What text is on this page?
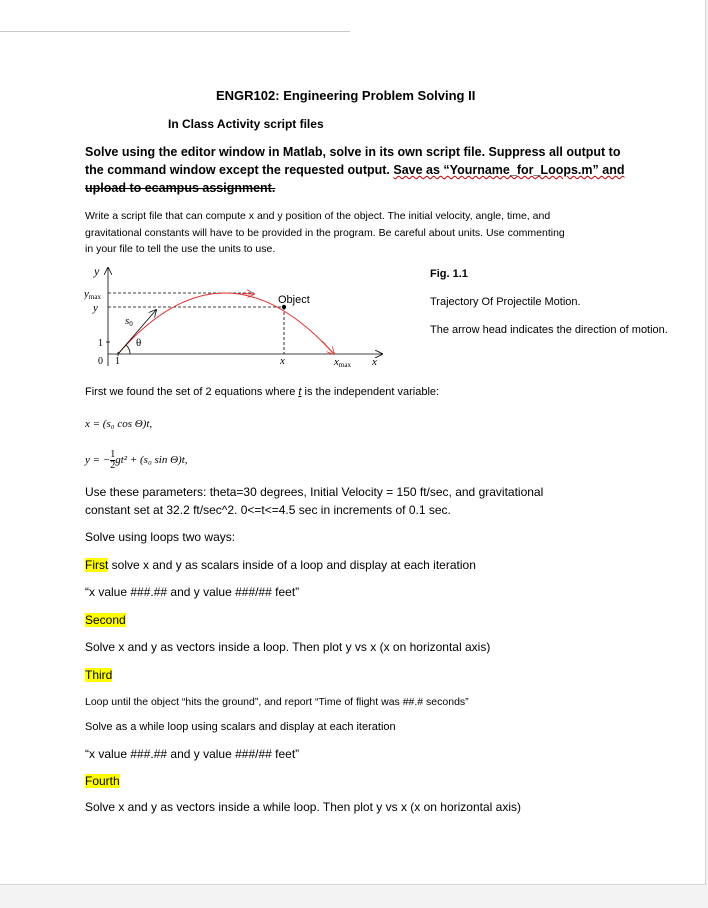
ENGR102: Engineering Problem Solving II
In Class Activity script files
Solve using the editor window in Matlab, solve in its own script file. Suppress all output to
the command window except the requested output. Save as “Yourname_for_Loops.m” and
upload to ecampus assignment.
Write a script file that can compute x and y position of the object. The initial velocity, angle, time, and
gravitational constants will have to be provided in the program. Be careful about units. Use commenting
in your file to tell the use the units to use.
y
ymax
y
s0
θ
Object
1
0 1	x	xmax x
Fig. 1.1
Trajectory Of Projectile Motion.
The arrow head indicates the direction of motion.
First we found the set of 2 equations where t is the independent variable:
x = (s₀ cos Θ)t,
y = − $\frac{1}{2} gt^2 + (s_0$ sin Θ)t,
Use these parameters: theta=30 degrees, Initial Velocity = 150 ft/sec, and gravitational
constant set at 32.2 ft/sec^2. 0<=t<=4.5 sec in increments of 0.1 sec.
Solve using loops two ways:
First solve x and y as scalars inside of a loop and display at each iteration
“x value ###.## and y value ###/## feet”
Second
Solve x and y as vectors inside a loop. Then plot y vs x (x on horizontal axis)
Third
Loop until the object “hits the ground”, and report “Time of flight was ##.# seconds”
Solve as a while loop using scalars and display at each iteration
“x value ###.## and y value ###/## feet”
Fourth
Solve x and y as vectors inside a while loop. Then plot y vs x (x on horizontal axis)
